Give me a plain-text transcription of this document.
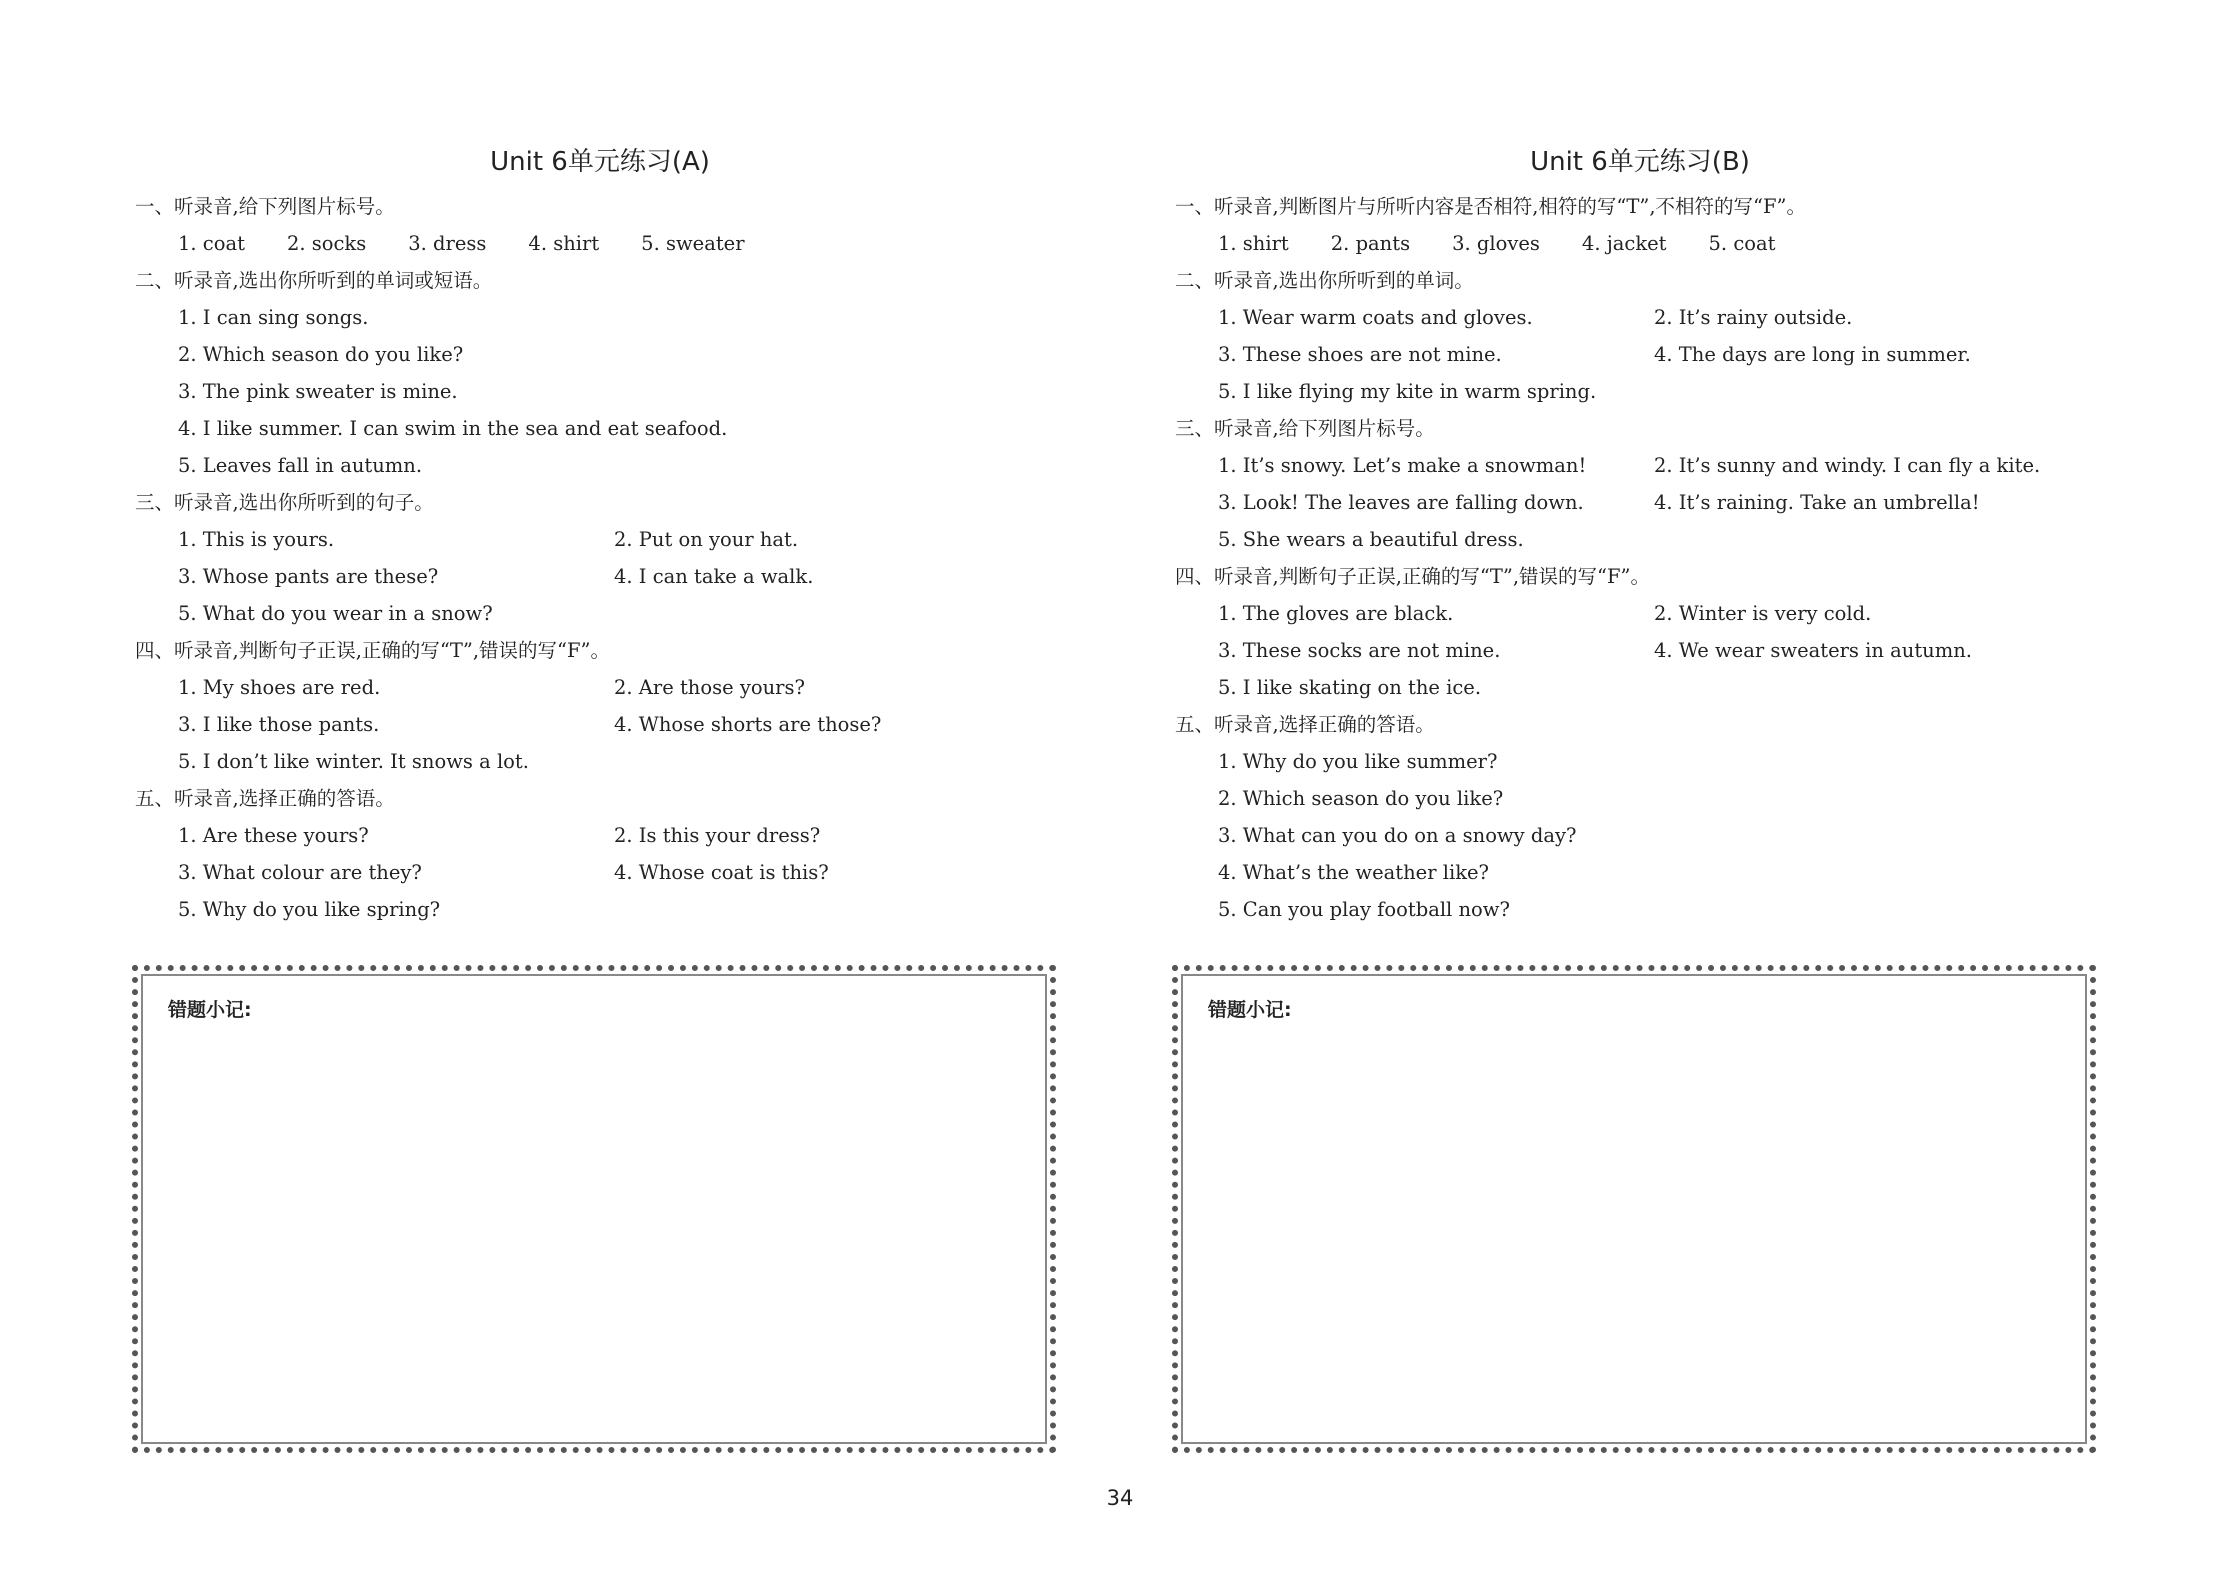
Unit 6单元练习(A)
一、听录音,给下列图片标号。
1. coat 2. socks 3. dress 4. shirt 5. sweater
二、听录音,选出你所听到的单词或短语。
1. I can sing songs.
2. Which season do you like?
3. The pink sweater is mine.
4. I like summer. I can swim in the sea and eat seafood.
5. Leaves fall in autumn.
三、听录音,选出你所听到的句子。
1. This is yours.	2. Put on your hat.
3. Whose pants are these?	4. I can take a walk.
5. What do you wear in a snow?
四、听录音,判断句子正误,正确的写“T”,错误的写“F”。
1. My shoes are red.	2. Are those yours?
3. I like those pants.	4. Whose shorts are those?
5. I don’t like winter. It snows a lot.
五、听录音,选择正确的答语。
1. Are these yours?	2. Is this your dress?
3. What colour are they?	4. Whose coat is this?
5. Why do you like spring?
Unit 6单元练习(B)
一、听录音,判断图片与所听内容是否相符,相符的写“T”,不相符的写“F”。
1. shirt 2. pants 3. gloves 4. jacket 5. coat
二、听录音,选出你所听到的单词。
1. Wear warm coats and gloves.	2. It’s rainy outside.
3. These shoes are not mine.	4. The days are long in summer.
5. I like flying my kite in warm spring.
三、听录音,给下列图片标号。
1. It’s snowy. Let’s make a snowman!	2. It’s sunny and windy. I can fly a kite.
3. Look! The leaves are falling down.	4. It’s raining. Take an umbrella!
5. She wears a beautiful dress.
四、听录音,判断句子正误,正确的写“T”,错误的写“F”。
1. The gloves are black.	2. Winter is very cold.
3. These socks are not mine.	4. We wear sweaters in autumn.
5. I like skating on the ice.
五、听录音,选择正确的答语。
1. Why do you like summer?
2. Which season do you like?
3. What can you do on a snowy day?
4. What’s the weather like?
5. Can you play football now?
错题小记:	错题小记:
34
